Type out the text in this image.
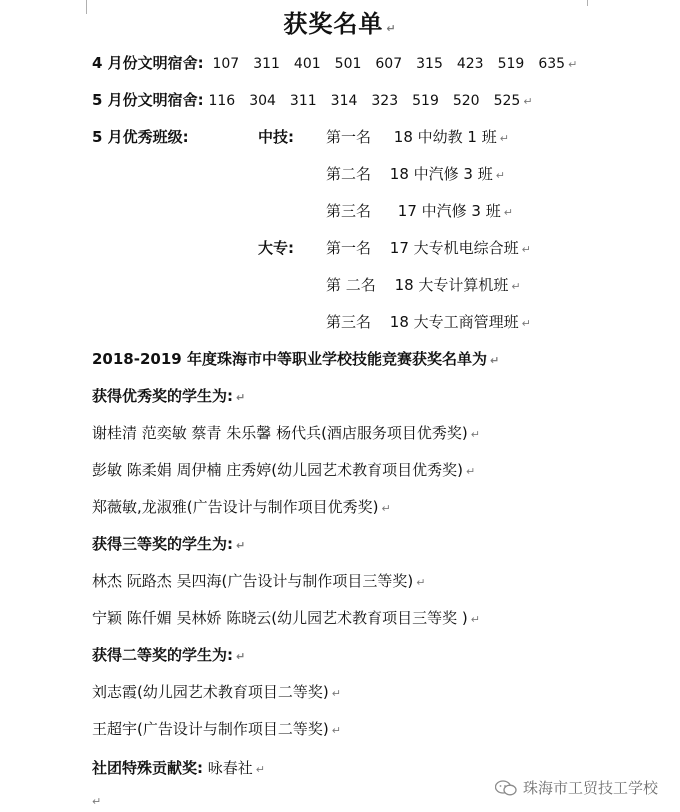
获奖名单 ↵
4 月份文明宿舍: 107 311 401 501 607 315 423 519 635 ↵
5 月份文明宿舍: 116 304 311 314 323 519 520 525 ↵
5 月优秀班级:	中技: 第一名 18 中幼教 1 班 ↵
第二名 18 中汽修 3 班 ↵
第三名 17 中汽修 3 班 ↵
大专: 第一名 17 大专机电综合班 ↵
第 二名 18 大专计算机班 ↵
第三名 18 大专工商管理班 ↵
2018-2019 年度珠海市中等职业学校技能竞赛获奖名单为 ↵
获得优秀奖的学生为: ↵
谢桂清 范奕敏 蔡青 朱乐馨 杨代兵(酒店服务项目优秀奖) ↵
彭敏 陈柔娟 周伊楠 庄秀婷(幼儿园艺术教育项目优秀奖) ↵
郑薇敏,龙淑雅(广告设计与制作项目优秀奖) ↵
获得三等奖的学生为: ↵
林杰 阮路杰 吴四海(广告设计与制作项目三等奖) ↵
宁颖 陈仟媚 吴林娇 陈晓云(幼儿园艺术教育项目三等奖 ) ↵
获得二等奖的学生为: ↵
刘志霞(幼儿园艺术教育项目二等奖) ↵
王超宇(广告设计与制作项目二等奖) ↵
社团特殊贡献奖: 咏春社 ↵
↵
珠海市工贸技工学校
